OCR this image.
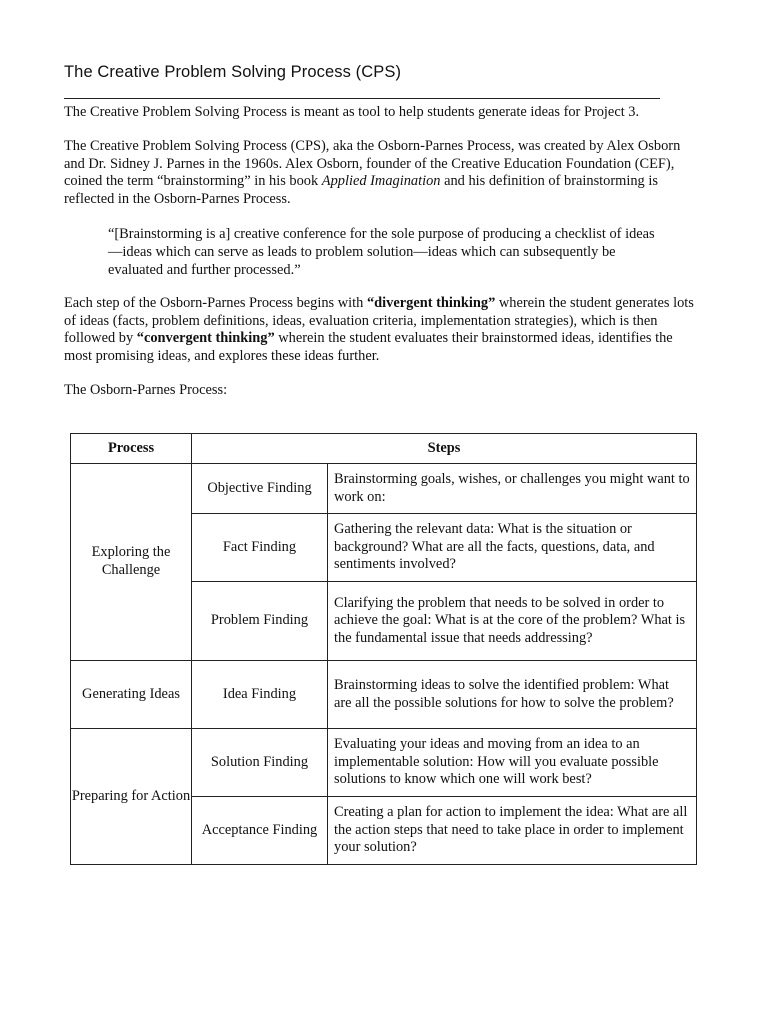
The Creative Problem Solving Process (CPS)
The Creative Problem Solving Process is meant as tool to help students generate ideas for Project 3.
The Creative Problem Solving Process (CPS), aka the Osborn-Parnes Process, was created by Alex Osborn and Dr. Sidney J. Parnes in the 1960s. Alex Osborn, founder of the Creative Education Foundation (CEF), coined the term “brainstorming” in his book Applied Imagination and his definition of brainstorming is reflected in the Osborn-Parnes Process.
“[Brainstorming is a] creative conference for the sole purpose of producing a checklist of ideas—ideas which can serve as leads to problem solution—ideas which can subsequently be evaluated and further processed.”
Each step of the Osborn-Parnes Process begins with “divergent thinking” wherein the student generates lots of ideas (facts, problem definitions, ideas, evaluation criteria, implementation strategies), which is then followed by “convergent thinking” wherein the student evaluates their brainstormed ideas, identifies the most promising ideas, and explores these ideas further.
The Osborn-Parnes Process:
Process	Steps	
Exploring the Challenge	Objective Finding	Brainstorming goals, wishes, or challenges you might want to work on:
	Fact Finding	Gathering the relevant data: What is the situation or background? What are all the facts, questions, data, and sentiments involved?
	Problem Finding	Clarifying the problem that needs to be solved in order to achieve the goal: What is at the core of the problem? What is the fundamental issue that needs addressing?
Generating Ideas	Idea Finding	Brainstorming ideas to solve the identified problem: What are all the possible solutions for how to solve the problem?
Preparing for Action	Solution Finding	Evaluating your ideas and moving from an idea to an implementable solution: How will you evaluate possible solutions to know which one will work best?
	Acceptance Finding	Creating a plan for action to implement the idea: What are all the action steps that need to take place in order to implement your solution?
